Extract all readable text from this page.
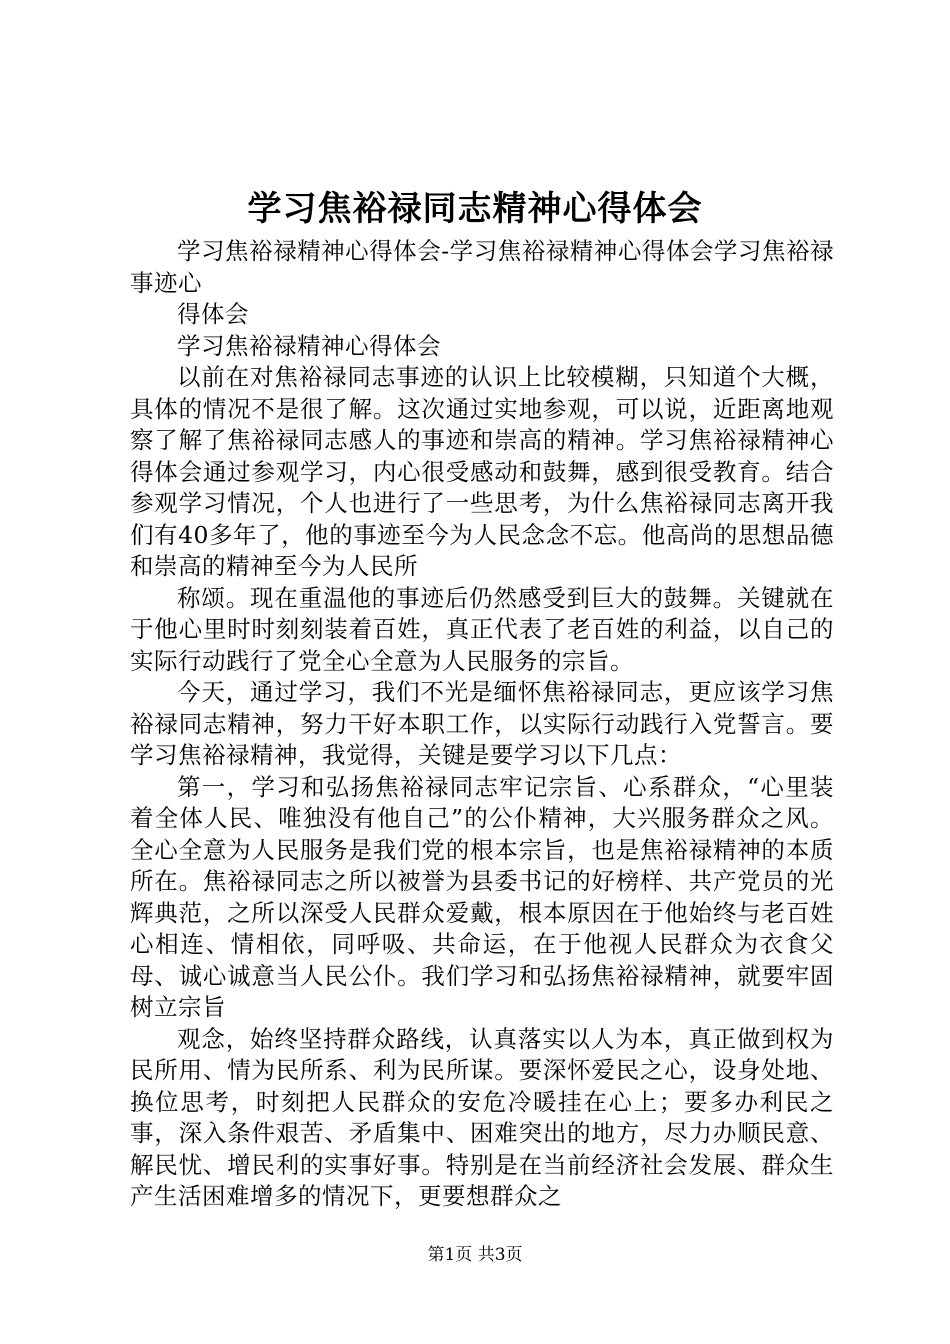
学习焦裕禄同志精神心得体会

学习焦裕禄精神心得体会-学习焦裕禄精神心得体会学习焦裕禄事迹心

得体会

学习焦裕禄精神心得体会

以前在对焦裕禄同志事迹的认识上比较模糊，只知道个大概，具体的情况不是很了解。这次通过实地参观，可以说，近距离地观察了解了焦裕禄同志感人的事迹和崇高的精神。学习焦裕禄精神心得体会通过参观学习，内心很受感动和鼓舞，感到很受教育。结合参观学习情况，个人也进行了一些思考，为什么焦裕禄同志离开我们有40多年了，他的事迹至今为人民念念不忘。他高尚的思想品德和崇高的精神至今为人民所

称颂。现在重温他的事迹后仍然感受到巨大的鼓舞。关键就在于他心里时时刻刻装着百姓，真正代表了老百姓的利益，以自己的实际行动践行了党全心全意为人民服务的宗旨。

今天，通过学习，我们不光是缅怀焦裕禄同志，更应该学习焦裕禄同志精神，努力干好本职工作，以实际行动践行入党誓言。要学习焦裕禄精神，我觉得，关键是要学习以下几点：

第一，学习和弘扬焦裕禄同志牢记宗旨、心系群众，“心里装着全体人民、唯独没有他自己”的公仆精神，大兴服务群众之风。全心全意为人民服务是我们党的根本宗旨，也是焦裕禄精神的本质所在。焦裕禄同志之所以被誉为县委书记的好榜样、共产党员的光辉典范，之所以深受人民群众爱戴，根本原因在于他始终与老百姓心相连、情相依，同呼吸、共命运，在于他视人民群众为衣食父母、诚心诚意当人民公仆。我们学习和弘扬焦裕禄精神，就要牢固树立宗旨

观念，始终坚持群众路线，认真落实以人为本，真正做到权为民所用、情为民所系、利为民所谋。要深怀爱民之心，设身处地、换位思考，时刻把人民群众的安危冷暖挂在心上；要多办利民之事，深入条件艰苦、矛盾集中、困难突出的地方，尽力办顺民意、解民忧、增民利的实事好事。特别是在当前经济社会发展、群众生产生活困难增多的情况下，更要想群众之

第1页 共3页
